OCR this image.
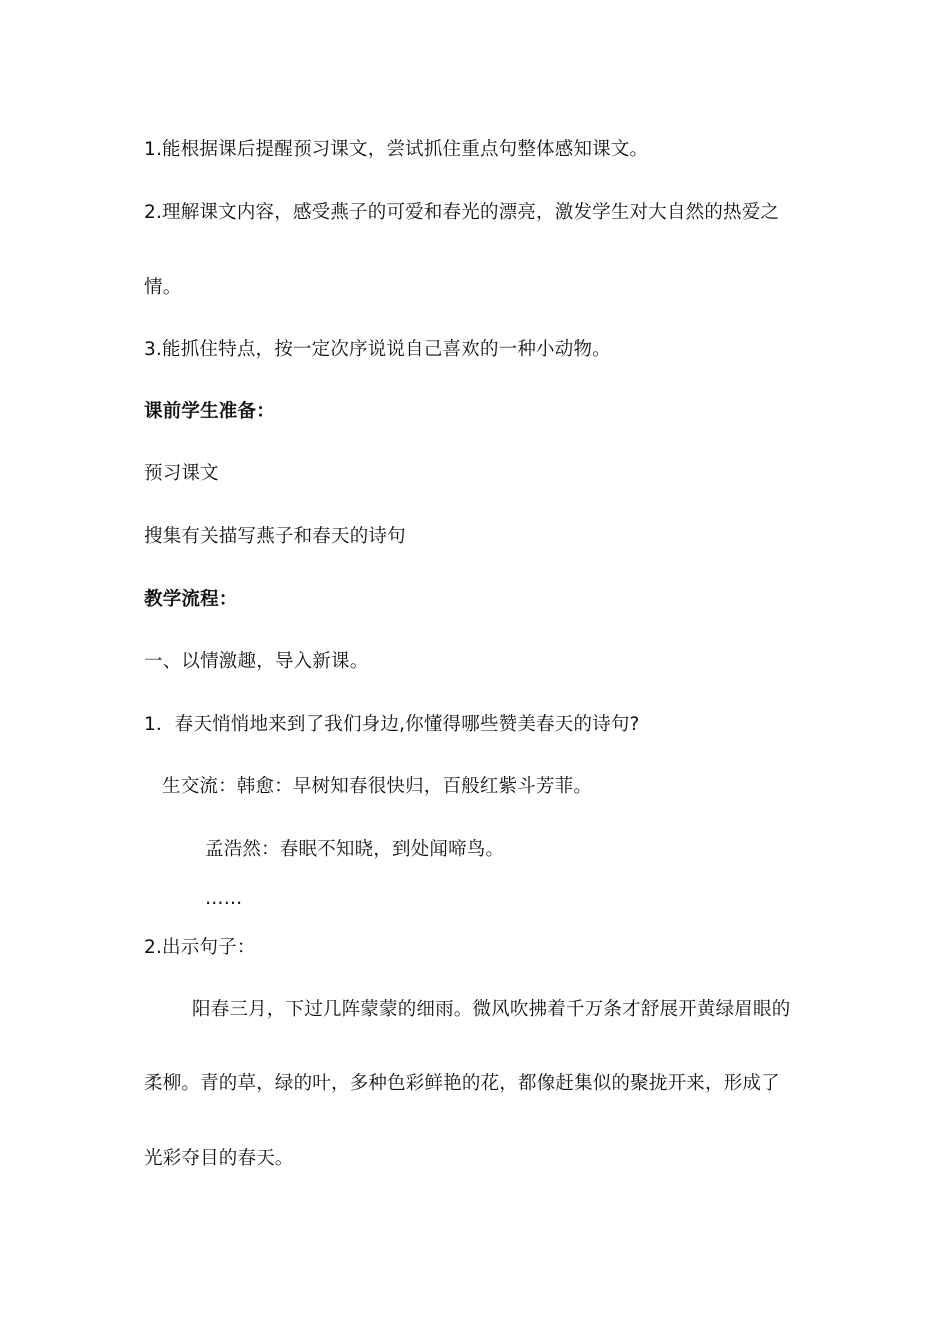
1.能根据课后提醒预习课文，尝试抓住重点句整体感知课文。
2.理解课文内容，感受燕子的可爱和春光的漂亮，激发学生对大自然的热爱之
情。
3.能抓住特点，按一定次序说说自己喜欢的一种小动物。
课前学生准备：
预习课文
搜集有关描写燕子和春天的诗句
教学流程：
一、以情激趣，导入新课。
1．春天悄悄地来到了我们身边,你懂得哪些赞美春天的诗句?
生交流：韩愈：早树知春很快归，百般红紫斗芳菲。
孟浩然：春眠不知晓，到处闻啼鸟。
……
2.出示句子：
阳春三月，下过几阵蒙蒙的细雨。微风吹拂着千万条才舒展开黄绿眉眼的
柔柳。青的草，绿的叶，多种色彩鲜艳的花，都像赶集似的聚拢开来，形成了
光彩夺目的春天。
